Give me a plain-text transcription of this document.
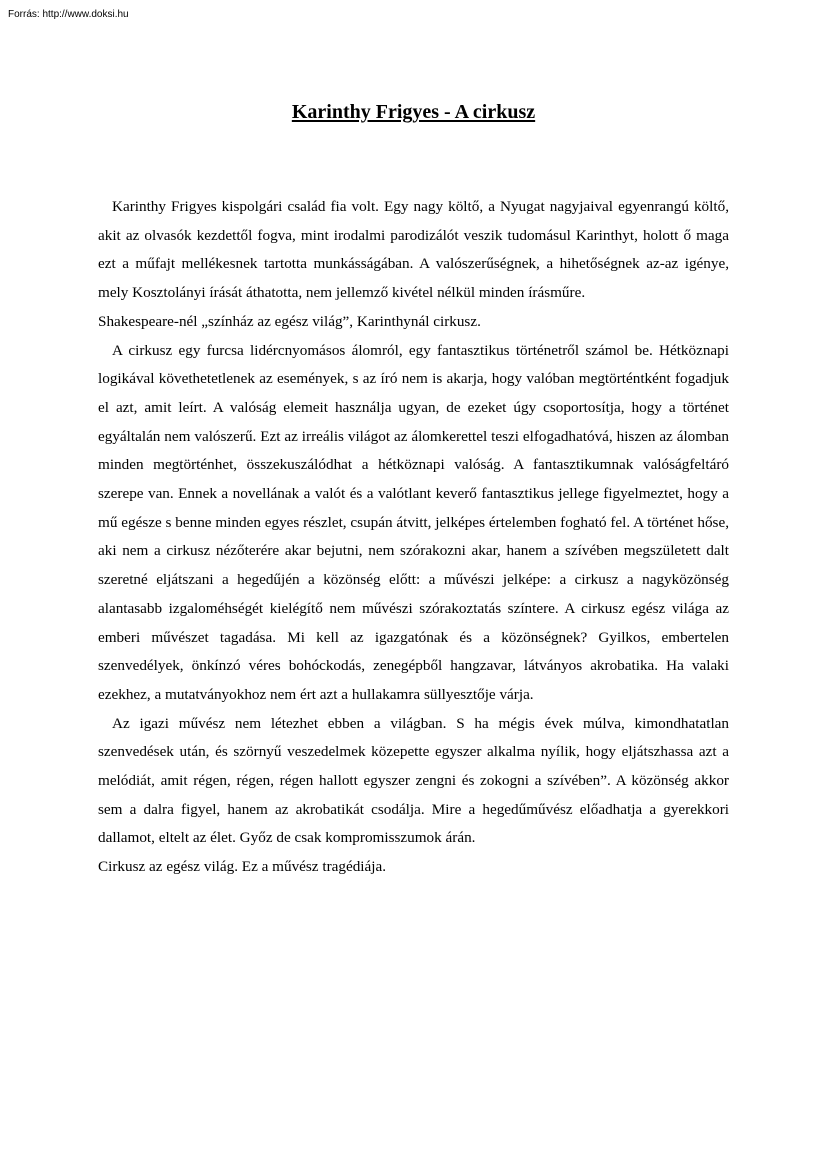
Forrás: http://www.doksi.hu
Karinthy Frigyes - A cirkusz

Karinthy Frigyes kispolgári család fia volt. Egy nagy költő, a Nyugat nagyjaival egyenrangú költő, akit az olvasók kezdettől fogva, mint irodalmi parodizálót veszik tudomásul Karinthyt, holott ő maga ezt a műfajt mellékesnek tartotta munkásságában. A valószerűségnek, a hihetőségnek az-az igénye, mely Kosztolányi írását áthatotta, nem jellemző kivétel nélkül minden írásműre.

Shakespeare-nél „színház az egész világ”, Karinthynál cirkusz.

A cirkusz egy furcsa lidércnyomásos álomról, egy fantasztikus történetről számol be. Hétköznapi logikával követhetetlenek az események, s az író nem is akarja, hogy valóban megtörténtként fogadjuk el azt, amit leírt. A valóság elemeit használja ugyan, de ezeket úgy csoportosítja, hogy a történet egyáltalán nem valószerű. Ezt az irreális világot az álomkerettel teszi elfogadhatóvá, hiszen az álomban minden megtörténhet, összekuszálódhat a hétköznapi valóság. A fantasztikumnak valóságfeltáró szerepe van. Ennek a novellának a valót és a valótlant keverő fantasztikus jellege figyelmeztet, hogy a mű egésze s benne minden egyes részlet, csupán átvitt, jelképes értelemben fogható fel. A történet hőse, aki nem a cirkusz nézőterére akar bejutni, nem szórakozni akar, hanem a szívében megszületett dalt szeretné eljátszani a hegedűjén a közönség előtt: a művészi jelképe: a cirkusz a nagyközönség alantasabb izgaloméhségét kielégítő nem művészi szórakoztatás színtere. A cirkusz egész világa az emberi művészet tagadása. Mi kell az igazgatónak és a közönségnek? Gyilkos, embertelen szenvedélyek, önkínzó véres bohóckodás, zenegépből hangzavar, látványos akrobatika. Ha valaki ezekhez, a mutatványokhoz nem ért azt a hullakamra süllyesztője várja.

Az igazi művész nem létezhet ebben a világban. S ha mégis évek múlva, kimondhatatlan szenvedések után, és szörnyű veszedelmek közepette egyszer alkalma nyílik, hogy eljátszhassa azt a melódiát, amit régen, régen, régen hallott egyszer zengni és zokogni a szívében”. A közönség akkor sem a dalra figyel, hanem az akrobatikát csodálja. Mire a hegedűművész előadhatja a gyerekkori dallamot, eltelt az élet. Győz de csak kompromisszumok árán.

Cirkusz az egész világ. Ez a művész tragédiája.
